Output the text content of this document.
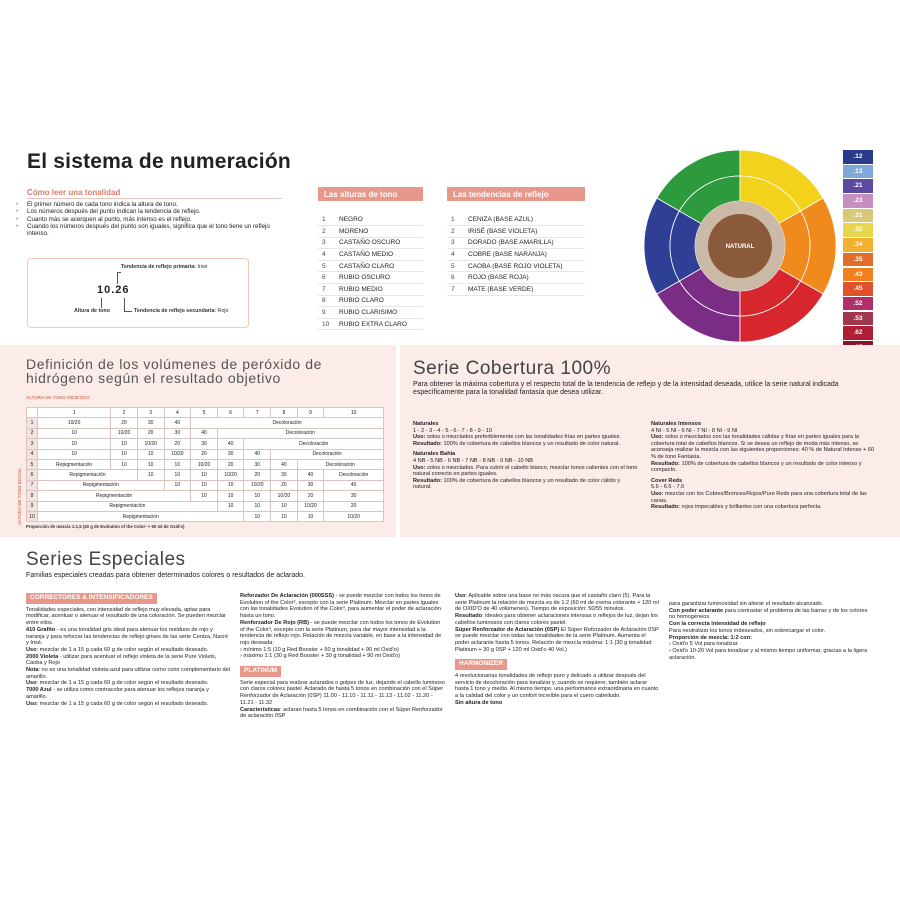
El sistema de numeración
Cómo leer una tonalidad
• El primer número de cada tono indica la altura de tono.
• Los números después del punto indican la tendencia de reflejo.
• Cuanto más se acerquen al punto, más intenso es el reflejo.
• Cuando los números después del punto son iguales, significa que el tono tiene un reflejo intenso.
10.26
Tendencia de reflejo primaria: Irisé
Altura de tono	Tendencia de reflejo secundaria: Rojo
Las alturas de tono
1	NEGRO
2	MORENO
3	CASTAÑO OSCURO
4	CASTAÑO MEDIO
5	CASTAÑO CLARO
6	RUBIO OSCURO
7	RUBIO MEDIO
8	RUBIO CLARO
9	RUBIO CLARISIMO
10	RUBIO EXTRA CLARO
Las tendencias de reflejo
1	CENIZA (BASE AZUL)
2	IRISÉ (BASE VIOLETA)
3	DORADO (BASE AMARILLA)
4	COBRE (BASE NARANJA)
5	CAOBA (BASE ROJO VIOLETA)
6	ROJO (BASE ROJA)
7	MATE (BASE VERDE)
NATURAL
.12
.13
.21
.23
.31
.32
.34
.35
.43
.45
.52
.53
.62
Definición de los volúmenes de peróxido de hidrógeno según el resultado objetivo
ALTURA DE TONO OBJETIVO
ALTURA DE TONO INICIAL
	1	2	3	4	5	6	7	8	9	10
1	10/20	20	30	40	Decoloración					
2	10	10/20	20	30	40	Decoloración				
3	10	10	10/20	20	30	40	Decoloración			
4	10	10	10	10/20	20	30	40	Decoloración		
5	Repigmentación	10	10	10	10/20	20	30	40	Decoloración	
6	Repigmentación		10	10	10	10/20	20	30	40	Decoloración
7	Repigmentación			10	10	10	10/20	20	30	40
8	Repigmentación				10	10	10	10/20	20	30
9	Repigmentación					10	10	10	10/20	20
10	Repigmentación						10	10	10	10/20
Proporción de mezcla 1:1,5 (40 g de Evolution of the Color³ + 60 ml de Oxid'o)
Serie Cobertura 100%
Para obtener la máxima cobertura y el respecto total de la tendencia de reflejo y de la intensidad deseada, utilice la serie natural indicada específicamente para la tonalidad fantasía que desea utilizar.
Naturales
1 - 2 - 3 - 4 - 5 - 6 - 7 - 8 - 9 - 10
Uso: solos o mezclados preferiblemente con las tonalidades frías en partes iguales.
Resultado: 100% de cobertura de cabellos blancos y un resultado de color natural.
Naturales Bahia
4 NB - 5 NB - 6 NB - 7 NB - 8 NB - 9 NB - 10 NB
Uso: solos o mezclados. Para cubrir el cabello blanco, mezclar tonos calientes con el tono natural correcto en partes iguales.
Resultado: 100% de cobertura de cabellos blancos y un resultado de color cálido y natural.
Naturales Intensos
4 NI - 5 NI - 6 NI - 7 NI - 8 NI - 9 NI
Uso: solos o mezclados con las tonalidades cálidas y frías en partes iguales para la cobertura total de cabellos blancos. Si se desea un reflejo de moda más intenso, se aconseja realizar la mezcla con las siguientes proporciones: 40 % de Natural Intenso + 60 % de tono Fantasía.
Resultado: 100% de cobertura de cabellos blancos y un resultado de color intenso y compacto.
Cover Reds
5.6 - 6.6 - 7.6
Uso: mezclar con los Cobres/Bronces/Rojos/Pure Reds para una cobertura total de las canas.
Resultado: rojos impecables y brillantes con una cobertura perfecta.
Series Especiales
Familias especiales creadas para obtener determinados colores o resultados de aclarado.
CORRECTORES & INTENSIFICADORES

Tonalidades especiales, con intensidad de reflejo muy elevada, aptas para modificar, acentuar o atenuar el resultado de una coloración. Se pueden mezclar entre ellos.

410 Grafito - es una tonalidad gris ideal para atenuar los residuos de rojo y naranja y para reforzar las tendencias de reflejo grises de las serie Ceniza, Nacré y Irisé.

Uso: mezclar de 1 a 15 g cada 60 g de color según el resultado deseado.

2000 Violeta - utilizar para acentuar el reflejo violeta de la serie Pure Violets, Caoba y Rojo

Nota: no es una tonalidad violeta-azul para utilizar como color complementario del amarillo.

Uso: mezclar de 1 a 15 g cada 60 g de color según el resultado deseado.

7000 Azul - se utiliza como contracolor para atenuar los reflejos naranja y amarillo.

Uso: mezclar de 1 a 15 g cada 60 g de color según el resultado deseado.

Reforzador De Aclaración (000SSS) - se puede mezclar con todos los tonos de Evolution of the Color³, excepto con la serie Platinum. Mezclar en partes iguales con las tonalidades Evolution of the Color³, para aumentar el poder de aclaración hasta un tono.

Renforzador De Rojo (RB) - se puede mezclar con todos los tonos de Evolution of the Color³, excepto con la serie Platinum, para dar mayor intensidad a la tendencia de reflejo rojo. Relación de mezcla variable, en base a la intensidad de rojo deseada:

› mínimo 1:5 (10 g Red Booster + 50 g tonalidad + 90 ml Oxid'o)

› máximo 1:1 (30 g Red Booster + 30 g tonalidad + 90 ml Oxid'o)

PLATINUM

Serie especial para realizar aclarados o golpes de luz, dejando el cabello luminoso con claros colores pastel. Aclarado de hasta 5 tonos en combinación con el Súper Renforzador de Aclaración (0SP) 11.00 - 11.10 - 11.11 - 11.13 - 11.02 - 11.20 - 11.21 - 11.32

Características: aclaran hasta 5 tonos en combinación con el Súper Renforzador de aclaración 0SP

Uso: Aplicable sobre una base no más oscura que el castaño claro (5). Para la serie Platinum la relación de mezcla es de 1:2 (60 ml de crema colorante + 120 ml de OXID'O de 40 volúmenes). Tiempo de exposición: 50/55 minutos.

Resultado: ideales para obtener aclaraciones intensas o reflejos de luz, dejan los cabellos luminosos con claros colores pastel.

Súper Renforzador de Aclaración (0SP) El Súper Reforzador de Aclaración 0SP se puede mezclar con todas las tonalidades de la serie Platinum. Aumenta el poder aclarante hasta 5 tonos. Relación de mezcla máxima: 1:1 (30 g tonalidad Platinum + 30 g 0SP + 120 ml Oxid'o 40 Vol.)

HARMONIZER

4 revolucionarias tonalidades de reflejo puro y delicado a utilizar después del servicio de decoloración para tonalizar y, cuando se requiere, también aclarar hasta 1 tono y medio. Al mismo tiempo, una performance extraordinaria en cuanto a la calidad del color y un confort increíble para el cuero cabelludo.

Sin altura de tono

para garantizar luminosidad sin alterar el resultado alcanzado.

Con poder aclarante para contrastar el problema de las barras y de los colores no homogéneos.

Con la correcta intensidad de reflejo

Para neutralizar los tonos indeseados, sin sobrecargar el color.

Proporción de mezcla: 1:2 con:

› Oxid'o 5 Vol para tonalizar.

› Oxid'o 10-20 Vol para tonalizar y al mismo tiempo uniformar, gracias a la ligera aclaración.
